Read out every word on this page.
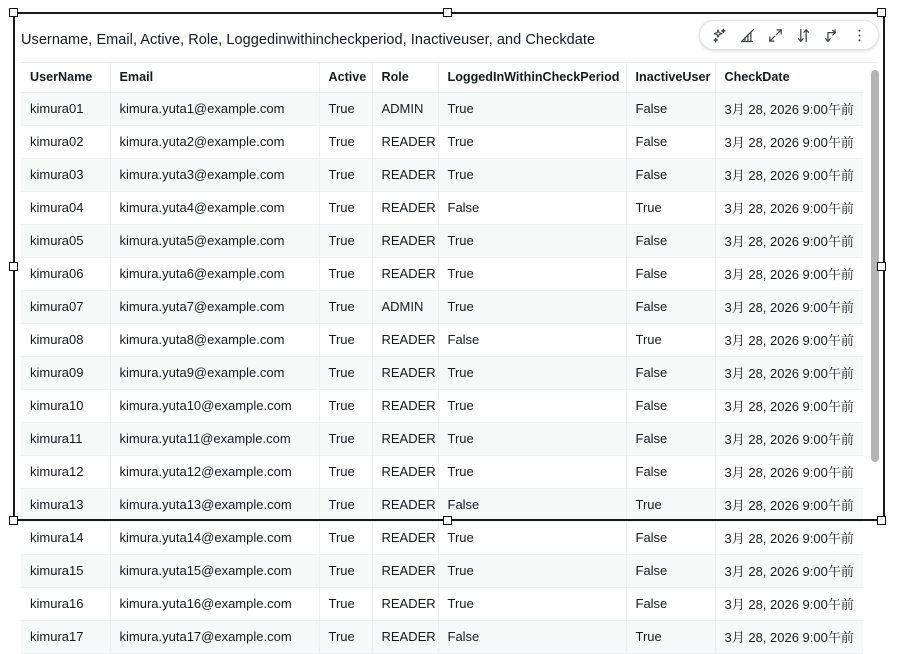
Username, Email, Active, Role, Loggedinwithincheckperiod, Inactiveuser, and Checkdate
UserName	Email	Active	Role	LoggedInWithinCheckPeriod	InactiveUser	CheckDate
kimura01	kimura.yuta1@example.com	True	ADMIN	True	False	3月 28, 2026 9:00午前
kimura02	kimura.yuta2@example.com	True	READER	True	False	3月 28, 2026 9:00午前
kimura03	kimura.yuta3@example.com	True	READER	True	False	3月 28, 2026 9:00午前
kimura04	kimura.yuta4@example.com	True	READER	False	True	3月 28, 2026 9:00午前
kimura05	kimura.yuta5@example.com	True	READER	True	False	3月 28, 2026 9:00午前
kimura06	kimura.yuta6@example.com	True	READER	True	False	3月 28, 2026 9:00午前
kimura07	kimura.yuta7@example.com	True	ADMIN	True	False	3月 28, 2026 9:00午前
kimura08	kimura.yuta8@example.com	True	READER	False	True	3月 28, 2026 9:00午前
kimura09	kimura.yuta9@example.com	True	READER	True	False	3月 28, 2026 9:00午前
kimura10	kimura.yuta10@example.com	True	READER	True	False	3月 28, 2026 9:00午前
kimura11	kimura.yuta11@example.com	True	READER	True	False	3月 28, 2026 9:00午前
kimura12	kimura.yuta12@example.com	True	READER	True	False	3月 28, 2026 9:00午前
kimura13	kimura.yuta13@example.com	True	READER	False	True	3月 28, 2026 9:00午前
kimura14	kimura.yuta14@example.com	True	READER	True	False	3月 28, 2026 9:00午前
kimura15	kimura.yuta15@example.com	True	READER	True	False	3月 28, 2026 9:00午前
kimura16	kimura.yuta16@example.com	True	READER	True	False	3月 28, 2026 9:00午前
kimura17	kimura.yuta17@example.com	True	READER	False	True	3月 28, 2026 9:00午前
